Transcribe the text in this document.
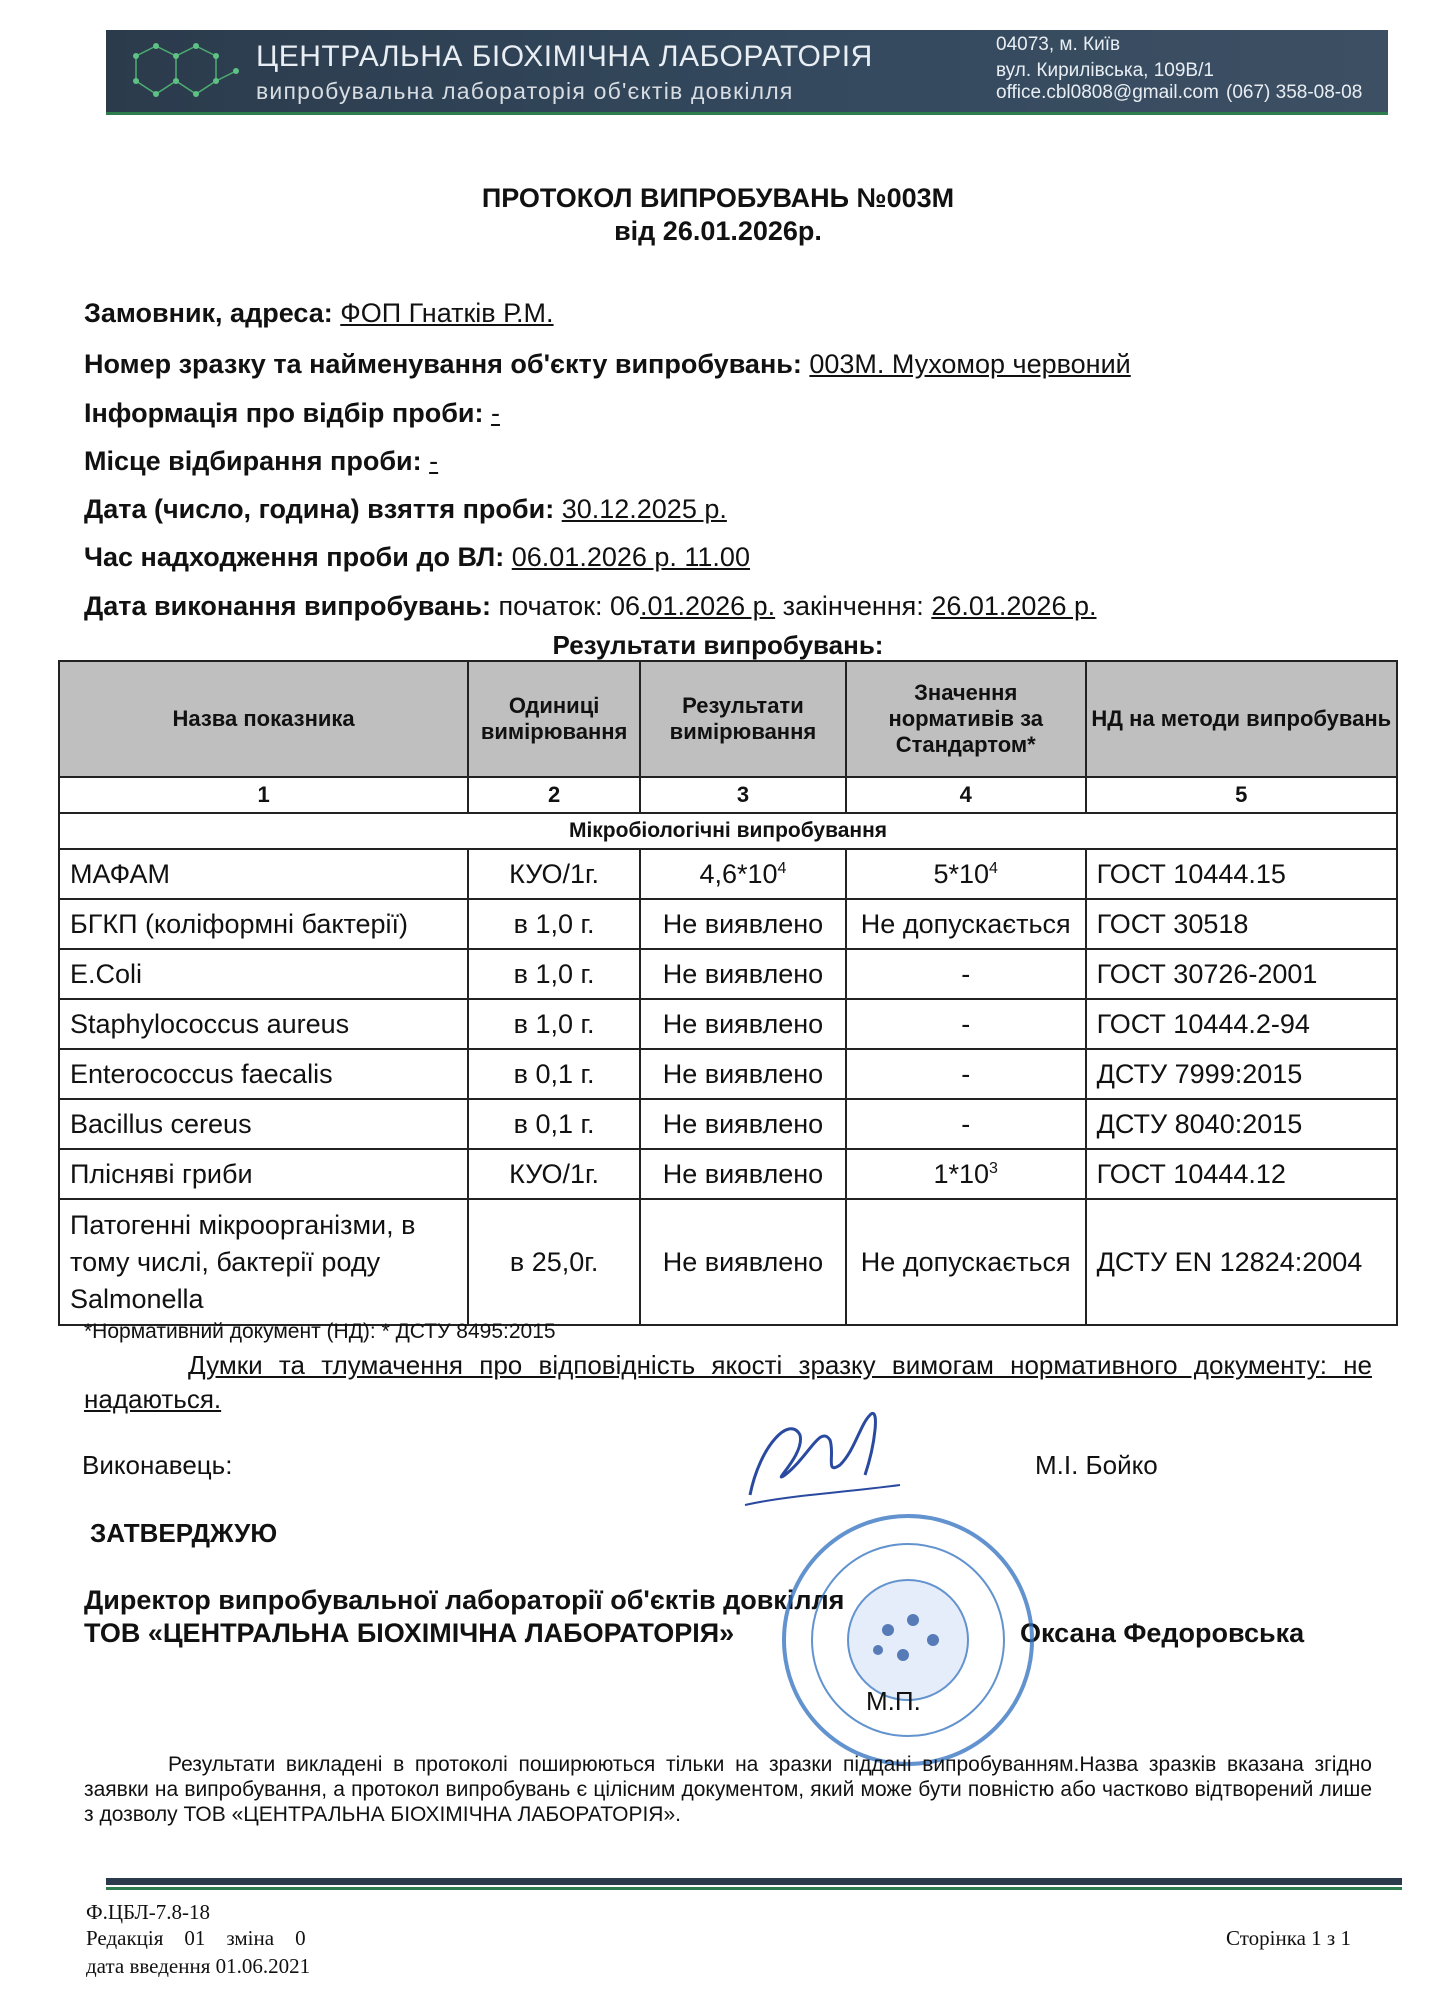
ЦЕНТРАЛЬНА БІОХІМІЧНА ЛАБОРАТОРІЯ
випробувальна лабораторія об'єктів довкілля
04073, м. Київ
вул. Кирилівська, 109В/1
office.cbl0808@gmail.com (067) 358-08-08
ПРОТОКОЛ ВИПРОБУВАНЬ №003М
від 26.01.2026р.
Замовник, адреса: ФОП Гнатків Р.М.
Номер зразку та найменування об'єкту випробувань: 003М. Мухомор червоний
Інформація про відбір проби: -
Місце відбирання проби: -
Дата (число, година) взяття проби: 30.12.2025 р.
Час надходження проби до ВЛ: 06.01.2026 р. 11.00
Дата виконання випробувань: початок: 06.01.2026 р. закінчення: 26.01.2026 р.
Результати випробувань:
Назва показника	Одиниці вимірювання	Результати вимірювання	Значення нормативів за Стандартом*	НД на методи випробувань
1	2	3	4	5
Мікробіологічні випробування				
МАФАМ	КУО/1г.	$4,6*10^4$	$5*10^4$	ГОСТ 10444.15
БГКП (коліформні бактерії)	в 1,0 г.	Не виявлено	Не допускається	ГОСТ 30518
E.Coli	в 1,0 г.	Не виявлено	-	ГОСТ 30726-2001
Staphylococcus aureus	в 1,0 г.	Не виявлено	-	ГОСТ 10444.2-94
Enterococcus faecalis	в 0,1 г.	Не виявлено	-	ДСТУ 7999:2015
Bacillus cereus	в 0,1 г.	Не виявлено	-	ДСТУ 8040:2015
Плісняві гриби	КУО/1г.	Не виявлено	$1*10^3$	ГОСТ 10444.12
Патогенні мікроорганізми, в тому числі, бактерії роду Salmonella	в 25,0г.	Не виявлено	Не допускається	ДСТУ EN 12824:2004
*Нормативний документ (НД): * ДСТУ 8495:2015
Думки та тлумачення про відповідність якості зразку вимогам нормативного документу: не надаються.
Виконавець:	М.І. Бойко
ЗАТВЕРДЖУЮ
Директор випробувальної лабораторії об'єктів довкілля
ТОВ «ЦЕНТРАЛЬНА БІОХІМІЧНА ЛАБОРАТОРІЯ»	Оксана Федоровська
М.П.
Результати викладені в протоколі поширюються тільки на зразки піддані випробуванням.Назва зразків вказана згідно заявки на випробування, а протокол випробувань є цілісним документом, який може бути повністю або частково відтворений лише з дозволу ТОВ «ЦЕНТРАЛЬНА БІОХІМІЧНА ЛАБОРАТОРІЯ».
Ф.ЦБЛ-7.8-18
Редакція    01    зміна    0
дата введення 01.06.2021
Сторінка 1 з 1
